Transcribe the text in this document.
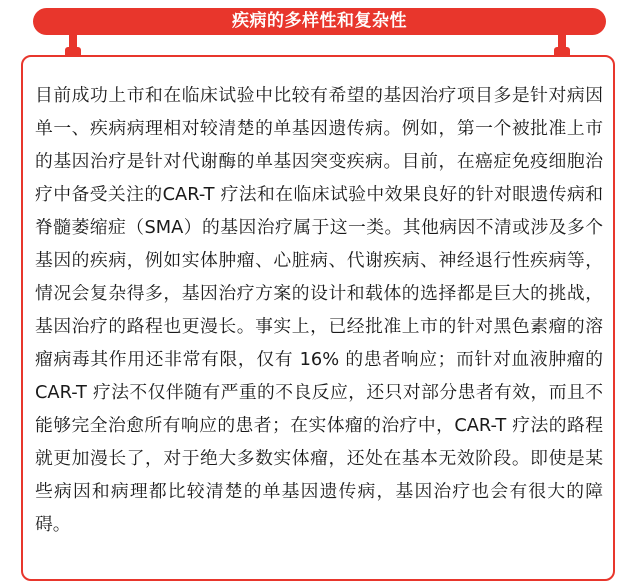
疾病的多样性和复杂性

目前成功上市和在临床试验中比较有希望的基因治疗项目多是针对病因单一、疾病病理相对较清楚的单基因遗传病。例如，第一个被批准上市的基因治疗是针对代谢酶的单基因突变疾病。目前，在癌症免疫细胞治疗中备受关注的CAR-T 疗法和在临床试验中效果良好的针对眼遗传病和脊髓萎缩症（SMA）的基因治疗属于这一类。其他病因不清或涉及多个基因的疾病，例如实体肿瘤、心脏病、代谢疾病、神经退行性疾病等，情况会复杂得多，基因治疗方案的设计和载体的选择都是巨大的挑战，基因治疗的路程也更漫长。事实上，已经批准上市的针对黑色素瘤的溶瘤病毒其作用还非常有限，仅有 16% 的患者响应；而针对血液肿瘤的 CAR-T 疗法不仅伴随有严重的不良反应，还只对部分患者有效，而且不能够完全治愈所有响应的患者；在实体瘤的治疗中，CAR-T 疗法的路程就更加漫长了，对于绝大多数实体瘤，还处在基本无效阶段。即使是某些病因和病理都比较清楚的单基因遗传病，基因治疗也会有很大的障碍。
